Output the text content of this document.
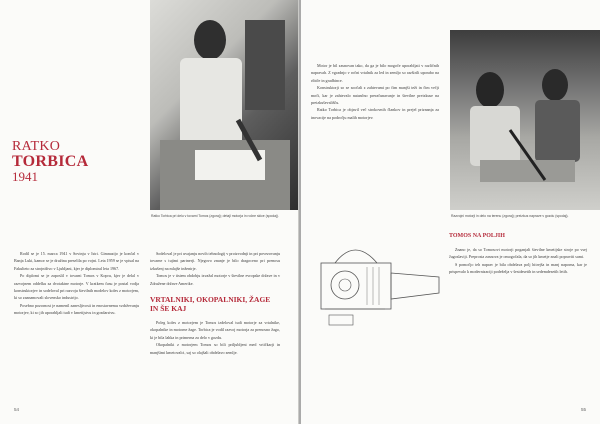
Ratko Torbica pri delu v tovarni Tomos (zgoraj); detajl motorja in ročne skice (spodaj).
RATKO
TORBICA
1941

Rodil se je 15. marca 1941 v Sovinju v Istri. Gimnazijo je končal v Banja Luki, kamor se je družina preselila po vojni. Leta 1959 se je vpisal na Fakulteto za strojništvo v Ljubljani, kjer je diplomiral leta 1967.

Po diplomi se je zaposlil v tovarni Tomos v Kopru, kjer je delal v razvojnem oddelku za dvotaktne motorje. V kratkem času je postal vodja konstruktorjev in sodeloval pri razvoju številnih modelov koles z motorjem, ki so zaznamovali slovensko industrijo.

Posebno pozornost je namenil zanesljivosti in enostavnemu vzdrževanju motorjev, ki so jih uporabljali tudi v kmetijstvu in gozdarstvu.

Sodeloval je pri uvajanju novih tehnologij v proizvodnji in pri povezovanju tovarne s tujimi partnerji. Njegovo znanje je bilo dragoceno pri prenosu izkušenj na mlajše inženirje.

Tomos je v tistem obdobju izvažal motorje v številne evropske države in v Združene države Amerike.

VRTALNIKI, OKOPALNIKI, ŽAGE IN ŠE KAJ

Poleg koles z motorjem je Tomos izdeloval tudi motorje za vrtalnike, okopalnike in motorne žage. Torbica je vodil razvoj motorja za prenosno žago, ki je bila lahka in primerna za delo v gozdu.

Okopalniki z motorjem Tomos so bili priljubljeni med vrtičkarji in manjšimi kmetovalci, saj so olajšali obdelavo zemlje.

54

Motor je bil zasnovan tako, da ga je bilo mogoče uporabljati v različnih napravah. Z vgradnjo v ročni vrtalnik za led in zemljo so razširili uporabo na ribiče in gradbince.

Konstruktorji so se soočali z zahtevami po čim manjši teži in čim večji moči, kar je zahtevalo natančno preračunavanje in številne preizkuse na preizkuševališču.

Ratko Torbica je objavil več strokovnih člankov in prejel priznanja za inovacije na področju malih motorjev.

Razvojni motorji in delo na terenu (zgoraj); preizkus naprave v gozdu (spodaj).
TOMOS NA POLJIH

Znano je, da so Tomosovi motorji poganjali številne kmetijske stroje po vsej Jugoslaviji. Preprosta zasnova je omogočala, da so jih kmetje znali popraviti sami.

S pomočjo teh naprav je bila obdelava polj hitrejša in manj naporna, kar je prispevalo k modernizaciji podeželja v šestdesetih in sedemdesetih letih.

55
